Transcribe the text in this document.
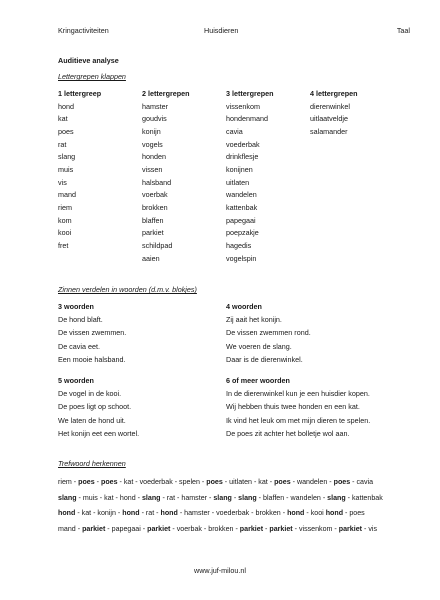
Kringactiviteiten	Huisdieren	Taal
Auditieve analyse
Lettergrepen klappen
1 lettergreep
hond
kat
poes
rat
slang
muis
vis
mand
riem
kom
kooi
fret
2 lettergrepen
hamster
goudvis
konijn
vogels
honden
vissen
halsband
voerbak
brokken
blaffen
parkiet
schildpad
aaien
3 lettergrepen
vissenkom
hondenmand
cavia
voederbak
drinkflesje
konijnen
uitlaten
wandelen
kattenbak
papegaai
poepzakje
hagedis
vogelspin
4 lettergrepen
dierenwinkel
uitlaatveldje
salamander
Zinnen verdelen in woorden (d.m.v. blokjes)
3 woorden
De hond blaft.
De vissen zwemmen.
De cavia eet.
Een mooie halsband.
4 woorden
Zij aait het konijn.
De vissen zwemmen rond.
We voeren de slang.
Daar is de dierenwinkel.
5 woorden
De vogel in de kooi.
De poes ligt op schoot.
We laten de hond uit.
Het konijn eet een wortel.
6 of meer woorden
In de dierenwinkel kun je een huisdier kopen.
Wij hebben thuis twee honden en een kat.
Ik vind het leuk om met mijn dieren te spelen.
De poes zit achter het bolletje wol aan.
Trefwoord herkennen
riem - poes - poes - kat - voederbak - spelen - poes - uitlaten - kat - poes - wandelen - poes - cavia
slang - muis - kat - hond - slang - rat - hamster - slang - slang - blaffen - wandelen - slang - kattenbak
hond - kat - konijn - hond - rat - hond - hamster - voederbak - brokken - hond - kooi hond - poes
mand - parkiet - papegaai - parkiet - voerbak - brokken - parkiet - parkiet - vissenkom - parkiet - vis
www.juf-milou.nl
